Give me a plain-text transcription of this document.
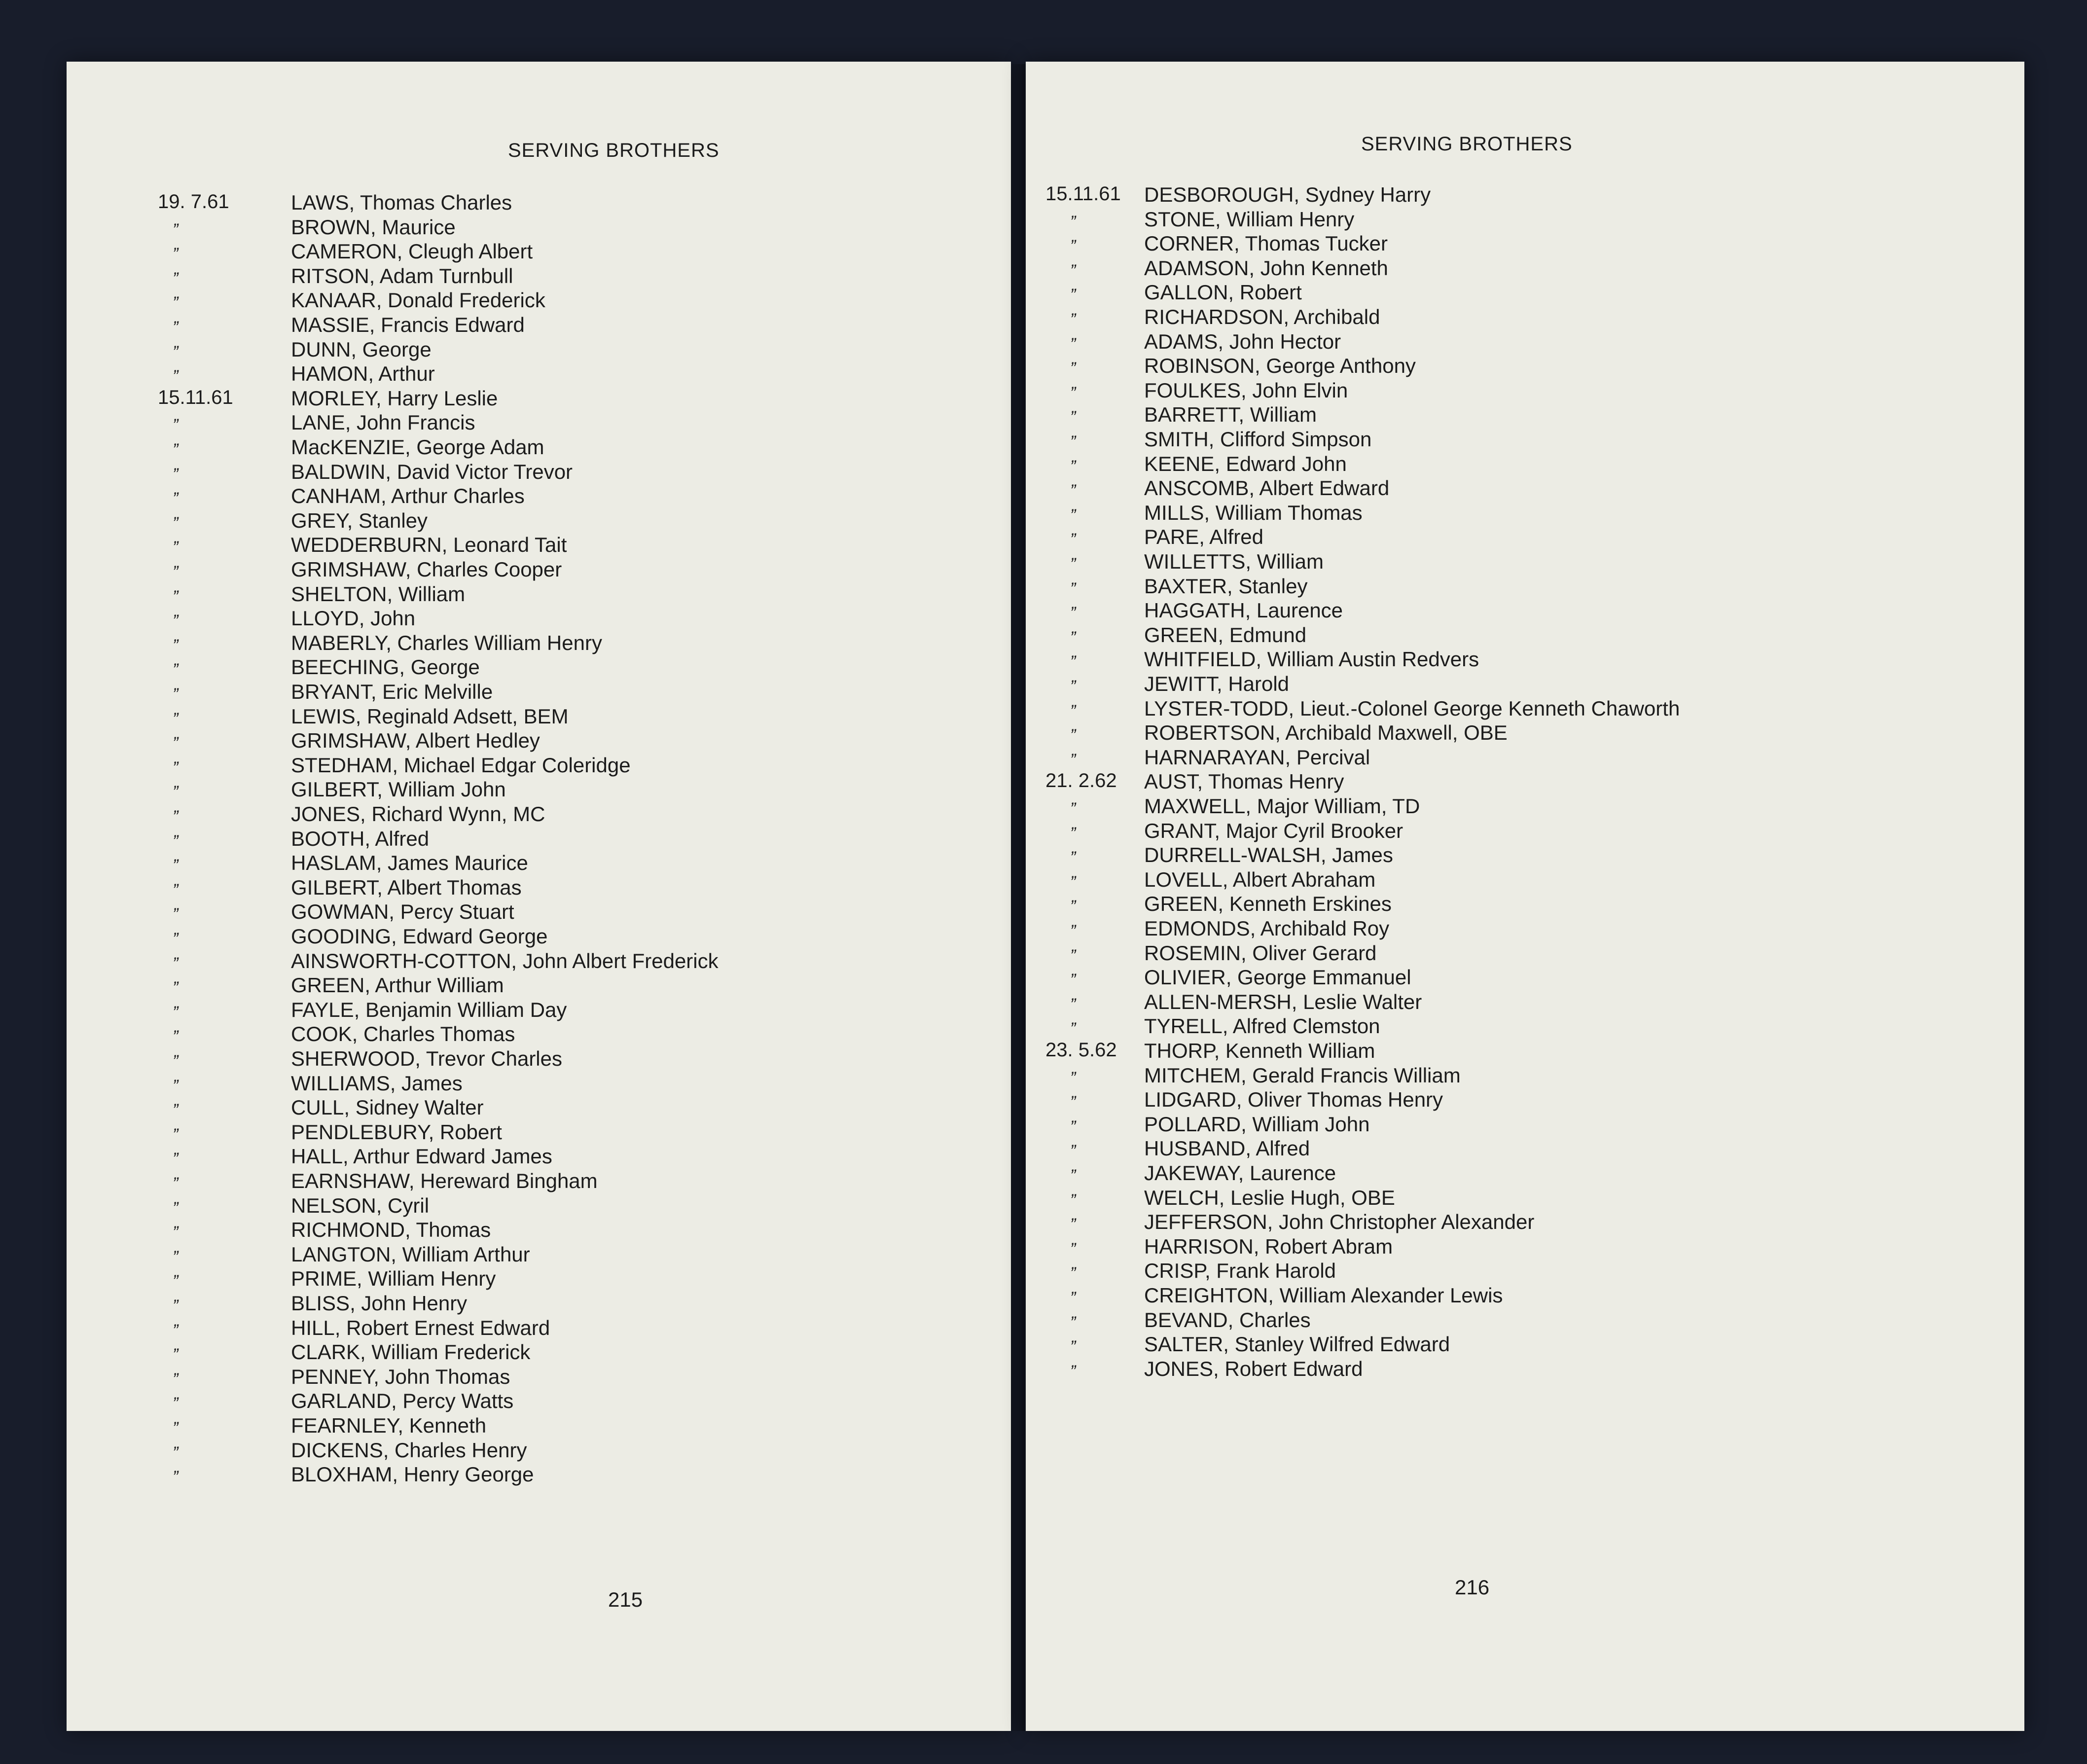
SERVING BROTHERS
19. 7.61	LAWS, Thomas Charles
”	BROWN, Maurice
”	CAMERON, Cleugh Albert
”	RITSON, Adam Turnbull
”	KANAAR, Donald Frederick
”	MASSIE, Francis Edward
”	DUNN, George
”	HAMON, Arthur
15.11.61	MORLEY, Harry Leslie
”	LANE, John Francis
”	MacKENZIE, George Adam
”	BALDWIN, David Victor Trevor
”	CANHAM, Arthur Charles
”	GREY, Stanley
”	WEDDERBURN, Leonard Tait
”	GRIMSHAW, Charles Cooper
”	SHELTON, William
”	LLOYD, John
”	MABERLY, Charles William Henry
”	BEECHING, George
”	BRYANT, Eric Melville
”	LEWIS, Reginald Adsett, BEM
”	GRIMSHAW, Albert Hedley
”	STEDHAM, Michael Edgar Coleridge
”	GILBERT, William John
”	JONES, Richard Wynn, MC
”	BOOTH, Alfred
”	HASLAM, James Maurice
”	GILBERT, Albert Thomas
”	GOWMAN, Percy Stuart
”	GOODING, Edward George
”	AINSWORTH-COTTON, John Albert Frederick
”	GREEN, Arthur William
”	FAYLE, Benjamin William Day
”	COOK, Charles Thomas
”	SHERWOOD, Trevor Charles
”	WILLIAMS, James
”	CULL, Sidney Walter
”	PENDLEBURY, Robert
”	HALL, Arthur Edward James
”	EARNSHAW, Hereward Bingham
”	NELSON, Cyril
”	RICHMOND, Thomas
”	LANGTON, William Arthur
”	PRIME, William Henry
”	BLISS, John Henry
”	HILL, Robert Ernest Edward
”	CLARK, William Frederick
”	PENNEY, John Thomas
”	GARLAND, Percy Watts
”	FEARNLEY, Kenneth
”	DICKENS, Charles Henry
”	BLOXHAM, Henry George
215
SERVING BROTHERS
15.11.61 DESBOROUGH, Sydney Harry
”	STONE, William Henry
”	CORNER, Thomas Tucker
”	ADAMSON, John Kenneth
”	GALLON, Robert
”	RICHARDSON, Archibald
”	ADAMS, John Hector
”	ROBINSON, George Anthony
”	FOULKES, John Elvin
”	BARRETT, William
”	SMITH, Clifford Simpson
”	KEENE, Edward John
”	ANSCOMB, Albert Edward
”	MILLS, William Thomas
”	PARE, Alfred
”	WILLETTS, William
”	BAXTER, Stanley
”	HAGGATH, Laurence
”	GREEN, Edmund
”	WHITFIELD, William Austin Redvers
”	JEWITT, Harold
”	LYSTER-TODD, Lieut.-Colonel George Kenneth Chaworth
”	ROBERTSON, Archibald Maxwell, OBE
”	HARNARAYAN, Percival
21. 2.62 AUST, Thomas Henry
”	MAXWELL, Major William, TD
”	GRANT, Major Cyril Brooker
”	DURRELL-WALSH, James
”	LOVELL, Albert Abraham
”	GREEN, Kenneth Erskines
”	EDMONDS, Archibald Roy
”	ROSEMIN, Oliver Gerard
”	OLIVIER, George Emmanuel
”	ALLEN-MERSH, Leslie Walter
”	TYRELL, Alfred Clemston
23. 5.62 THORP, Kenneth William
”	MITCHEM, Gerald Francis William
”	LIDGARD, Oliver Thomas Henry
”	POLLARD, William John
”	HUSBAND, Alfred
”	JAKEWAY, Laurence
”	WELCH, Leslie Hugh, OBE
”	JEFFERSON, John Christopher Alexander
”	HARRISON, Robert Abram
”	CRISP, Frank Harold
”	CREIGHTON, William Alexander Lewis
”	BEVAND, Charles
”	SALTER, Stanley Wilfred Edward
”	JONES, Robert Edward
216
